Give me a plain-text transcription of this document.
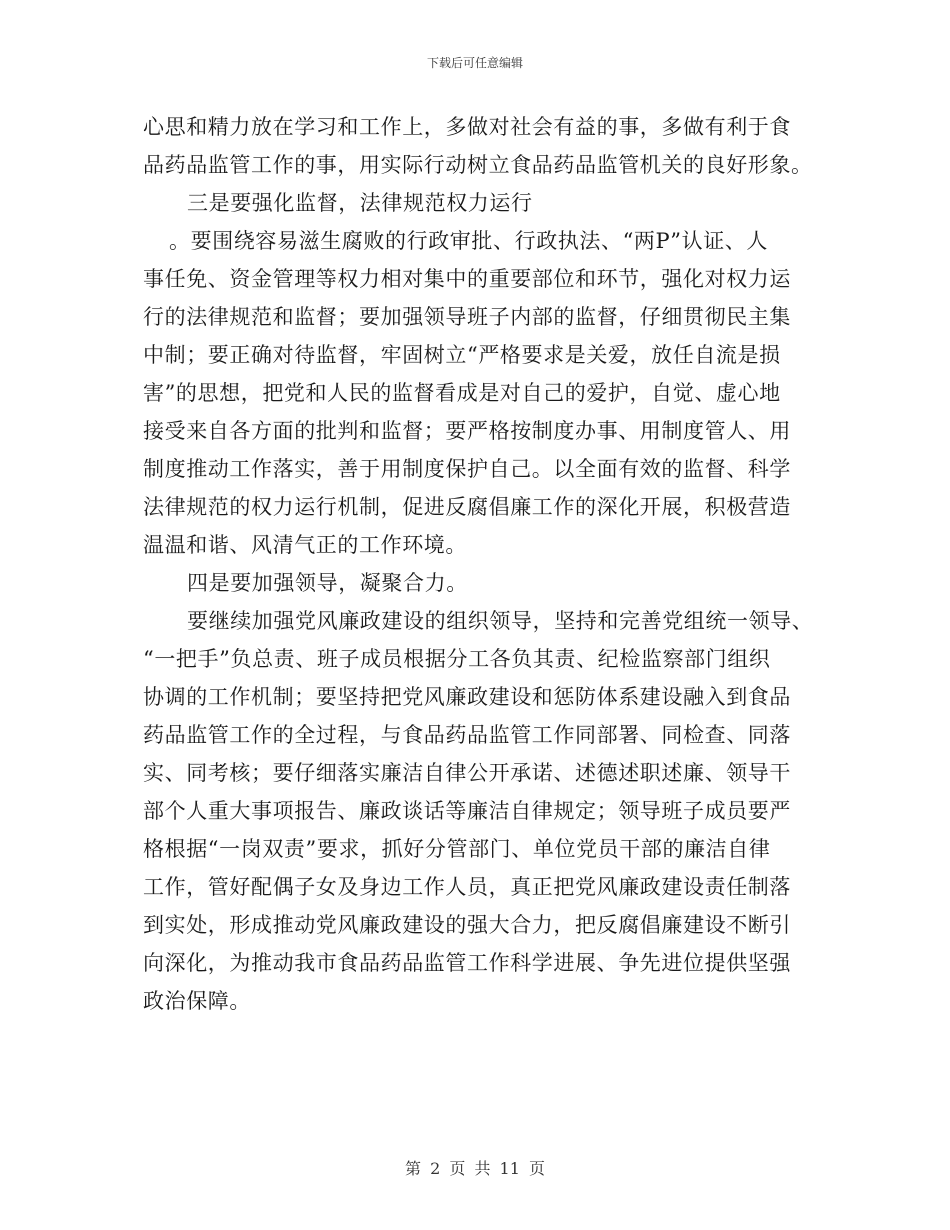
下载后可任意编辑
心思和精力放在学习和工作上，多做对社会有益的事，多做有利于食
品药品监管工作的事，用实际行动树立食品药品监管机关的良好形象。
三是要强化监督，法律规范权力运行
。要围绕容易滋生腐败的行政审批、行政执法、“两P”认证、人
事任免、资金管理等权力相对集中的重要部位和环节，强化对权力运
行的法律规范和监督；要加强领导班子内部的监督，仔细贯彻民主集
中制；要正确对待监督，牢固树立“严格要求是关爱，放任自流是损
害”的思想，把党和人民的监督看成是对自己的爱护，自觉、虚心地
接受来自各方面的批判和监督；要严格按制度办事、用制度管人、用
制度推动工作落实，善于用制度保护自己。以全面有效的监督、科学
法律规范的权力运行机制，促进反腐倡廉工作的深化开展，积极营造
温温和谐、风清气正的工作环境。
四是要加强领导，凝聚合力。
要继续加强党风廉政建设的组织领导，坚持和完善党组统一领导、
“一把手”负总责、班子成员根据分工各负其责、纪检监察部门组织
协调的工作机制；要坚持把党风廉政建设和惩防体系建设融入到食品
药品监管工作的全过程，与食品药品监管工作同部署、同检查、同落
实、同考核；要仔细落实廉洁自律公开承诺、述德述职述廉、领导干
部个人重大事项报告、廉政谈话等廉洁自律规定；领导班子成员要严
格根据“一岗双责”要求，抓好分管部门、单位党员干部的廉洁自律
工作，管好配偶子女及身边工作人员，真正把党风廉政建设责任制落
到实处，形成推动党风廉政建设的强大合力，把反腐倡廉建设不断引
向深化，为推动我市食品药品监管工作科学进展、争先进位提供坚强
政治保障。
第 2 页 共 11 页
